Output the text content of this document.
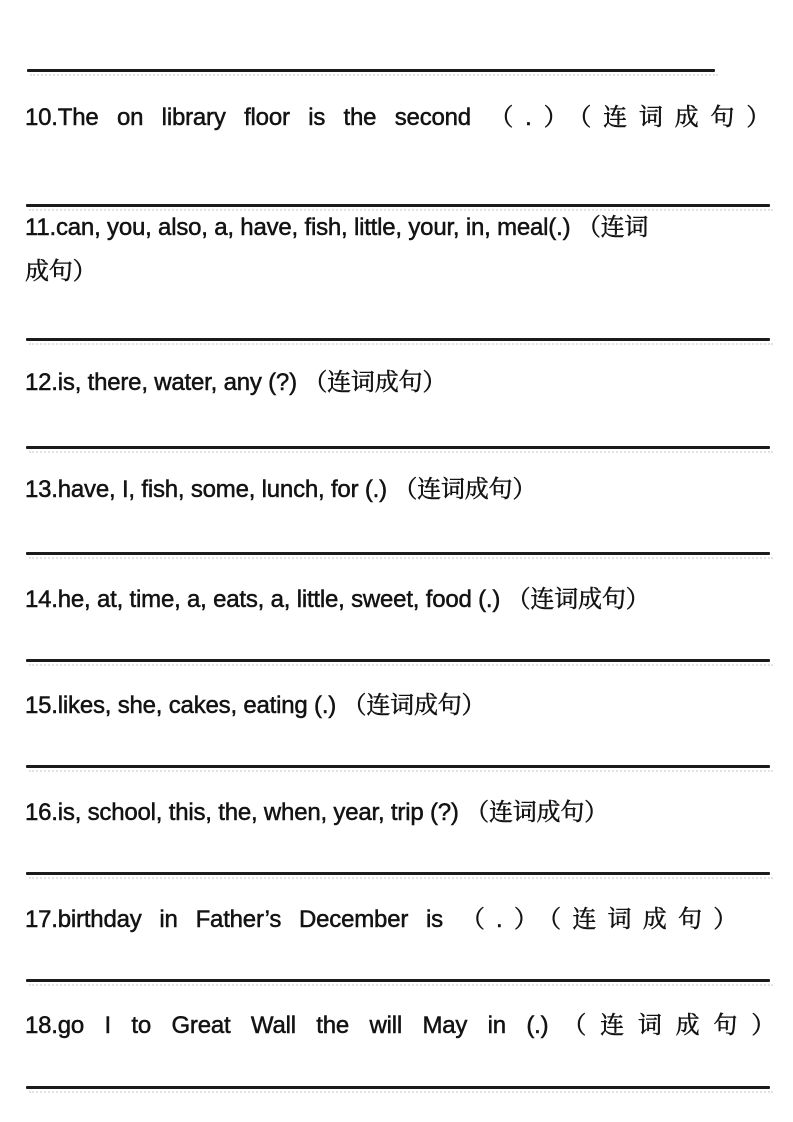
10.The on library floor is the second （.）（连词成句）
11.can, you, also, a, have, fish, little, your, in, meal(.) （连词
成句）
12.is, there, water, any (?) （连词成句）
13.have, I, fish, some, lunch, for (.) （连词成句）
14.he, at, time, a, eats, a, little, sweet, food (.) （连词成句）
15.likes, she, cakes, eating (.) （连词成句）
16.is, school, this, the, when, year, trip (?) （连词成句）
17.birthday in Father’s December is （.）（连词成句）
18.go I to Great Wall the will May in (.)（连词成句）
